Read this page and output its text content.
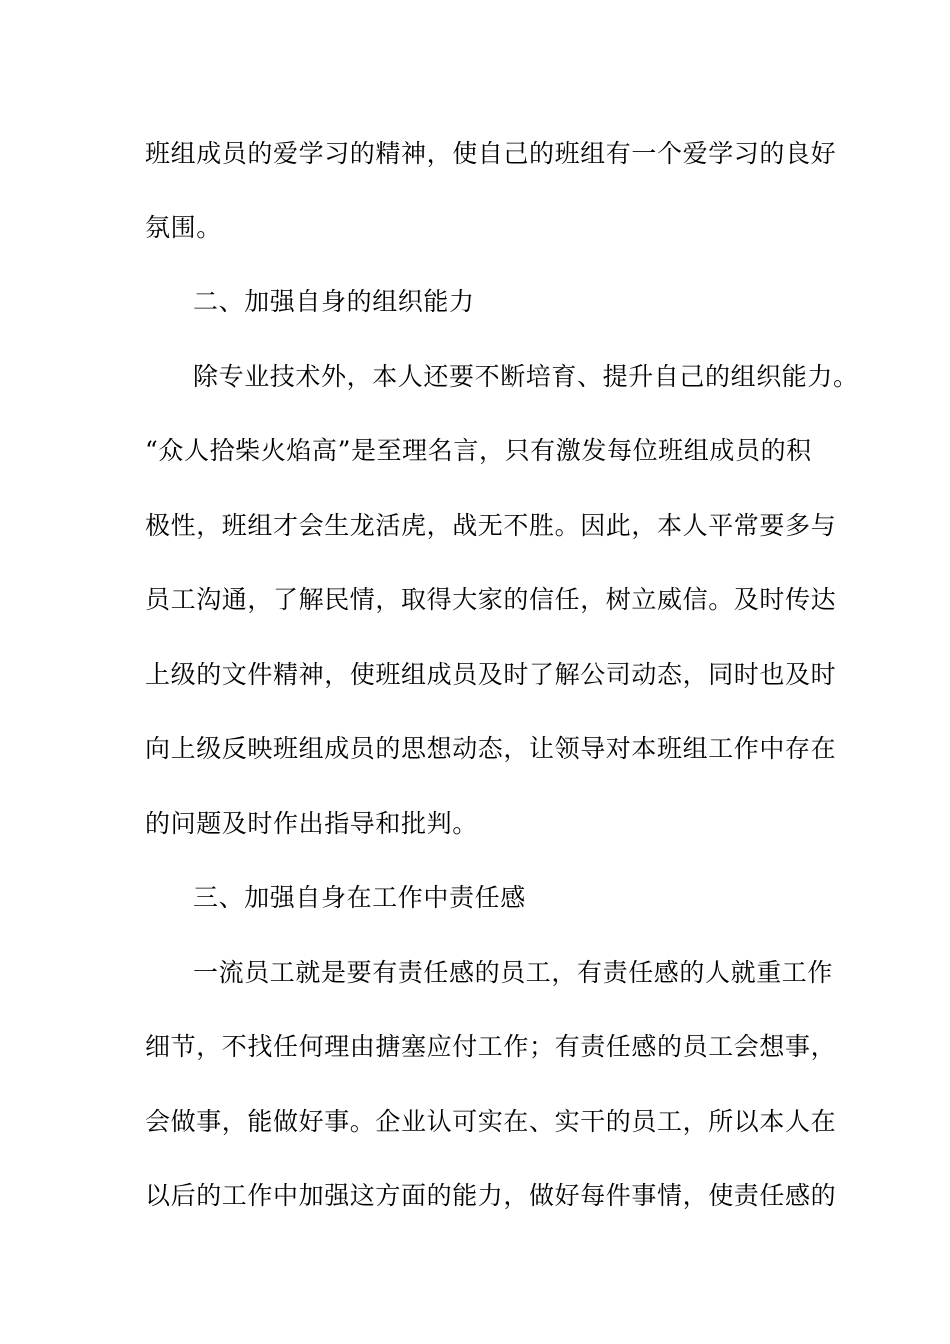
班组成员的爱学习的精神，使自己的班组有一个爱学习的良好
氛围。
二、加强自身的组织能力
除专业技术外，本人还要不断培育、提升自己的组织能力。
“众人拾柴火焰高”是至理名言，只有激发每位班组成员的积
极性，班组才会生龙活虎，战无不胜。因此，本人平常要多与
员工沟通，了解民情，取得大家的信任，树立威信。及时传达
上级的文件精神，使班组成员及时了解公司动态，同时也及时
向上级反映班组成员的思想动态，让领导对本班组工作中存在
的问题及时作出指导和批判。
三、加强自身在工作中责任感
一流员工就是要有责任感的员工，有责任感的人就重工作
细节，不找任何理由搪塞应付工作；有责任感的员工会想事，
会做事，能做好事。企业认可实在、实干的员工，所以本人在
以后的工作中加强这方面的能力，做好每件事情，使责任感的
